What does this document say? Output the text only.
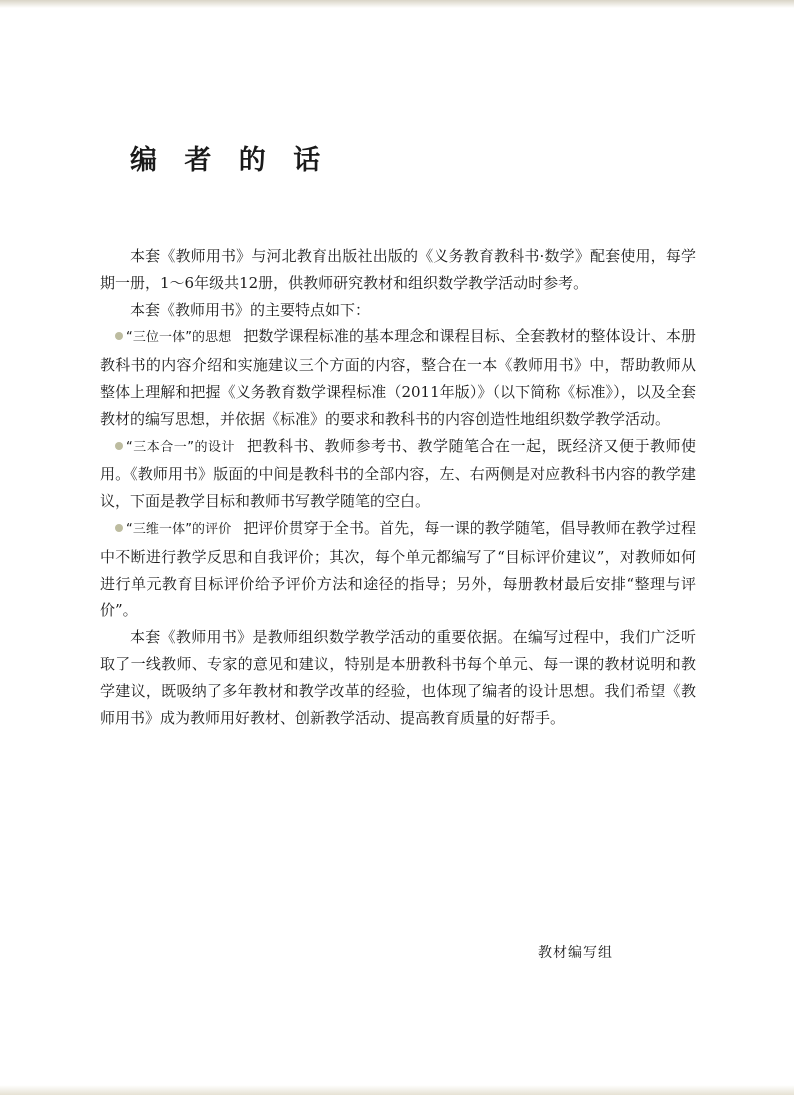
编 者 的 话

本套《教师用书》与河北教育出版社出版的《义务教育教科书·数学》配套使用，每学期一册，1～6年级共12册，供教师研究教材和组织数学教学活动时参考。

本套《教师用书》的主要特点如下：

“三位一体”的思想 把数学课程标准的基本理念和课程目标、全套教材的整体设计、本册教科书的内容介绍和实施建议三个方面的内容，整合在一本《教师用书》中，帮助教师从整体上理解和把握《义务教育数学课程标准（2011年版）》（以下简称《标准》），以及全套教材的编写思想，并依据《标准》的要求和教科书的内容创造性地组织数学教学活动。

“三本合一”的设计 把教科书、教师参考书、教学随笔合在一起，既经济又便于教师使用。《教师用书》版面的中间是教科书的全部内容，左、右两侧是对应教科书内容的教学建议，下面是教学目标和教师书写教学随笔的空白。

“三维一体”的评价 把评价贯穿于全书。首先，每一课的教学随笔，倡导教师在教学过程中不断进行教学反思和自我评价；其次，每个单元都编写了“目标评价建议”，对教师如何进行单元教育目标评价给予评价方法和途径的指导；另外，每册教材最后安排“整理与评价”。

本套《教师用书》是教师组织数学教学活动的重要依据。在编写过程中，我们广泛听取了一线教师、专家的意见和建议，特别是本册教科书每个单元、每一课的教材说明和教学建议，既吸纳了多年教材和教学改革的经验，也体现了编者的设计思想。我们希望《教师用书》成为教师用好教材、创新教学活动、提高教育质量的好帮手。

教材编写组
